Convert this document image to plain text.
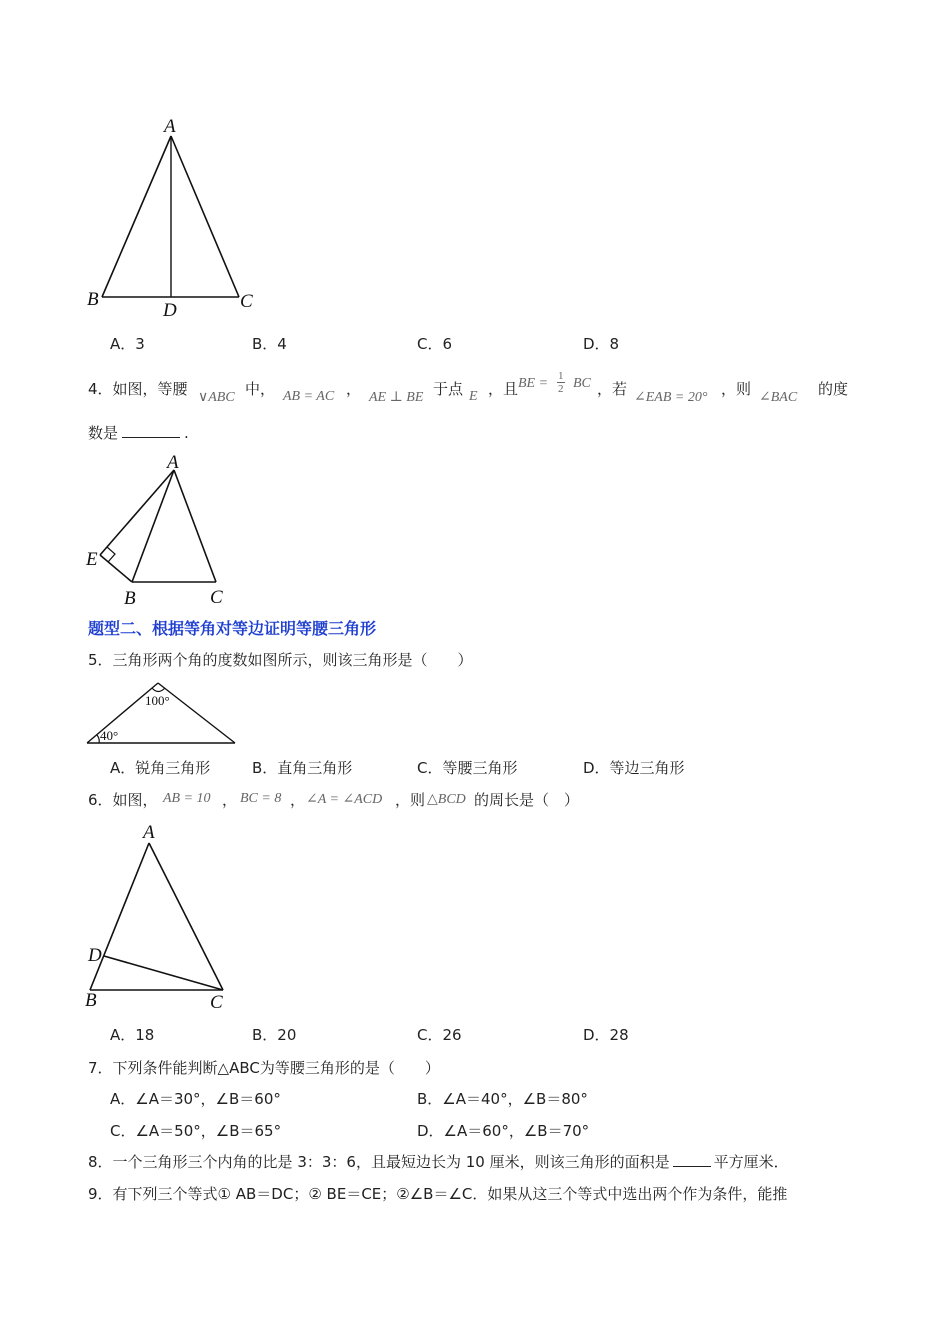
A
B	C
D
A．3	B．4	C．6	D．8
4．如图，等腰 ∨ABC 中， AB = AC ， AE ⊥ BE 于点 E ，且 BE = $\frac{1}{2}$ BC ，若 ∠EAB = 20° ，则 ∠BAC 的度
数是	.
A
E
B	C
题型二、根据等角对等边证明等腰三角形
5．三角形两个角的度数如图所示，则该三角形是（　　）
100°
40°
A．锐角三角形	B．直角三角形	C．等腰三角形	D．等边三角形
6．如图， AB = 10 ， BC = 8 ， ∠A = ∠ACD ，则 △BCD 的周长是（　）
A
D
B	C
A．18	B．20	C．26	D．28
7．下列条件能判断△ABC为等腰三角形的是（　　）
A．∠A＝30°，∠B＝60°	B．∠A＝40°，∠B＝80°
C．∠A＝50°，∠B＝65°	D．∠A＝60°，∠B＝70°
8．一个三角形三个内角的比是 3：3：6，且最短边长为 10 厘米，则该三角形的面积是	平方厘米．
9．有下列三个等式① AB＝DC；② BE＝CE；②∠B＝∠C．如果从这三个等式中选出两个作为条件，能推
